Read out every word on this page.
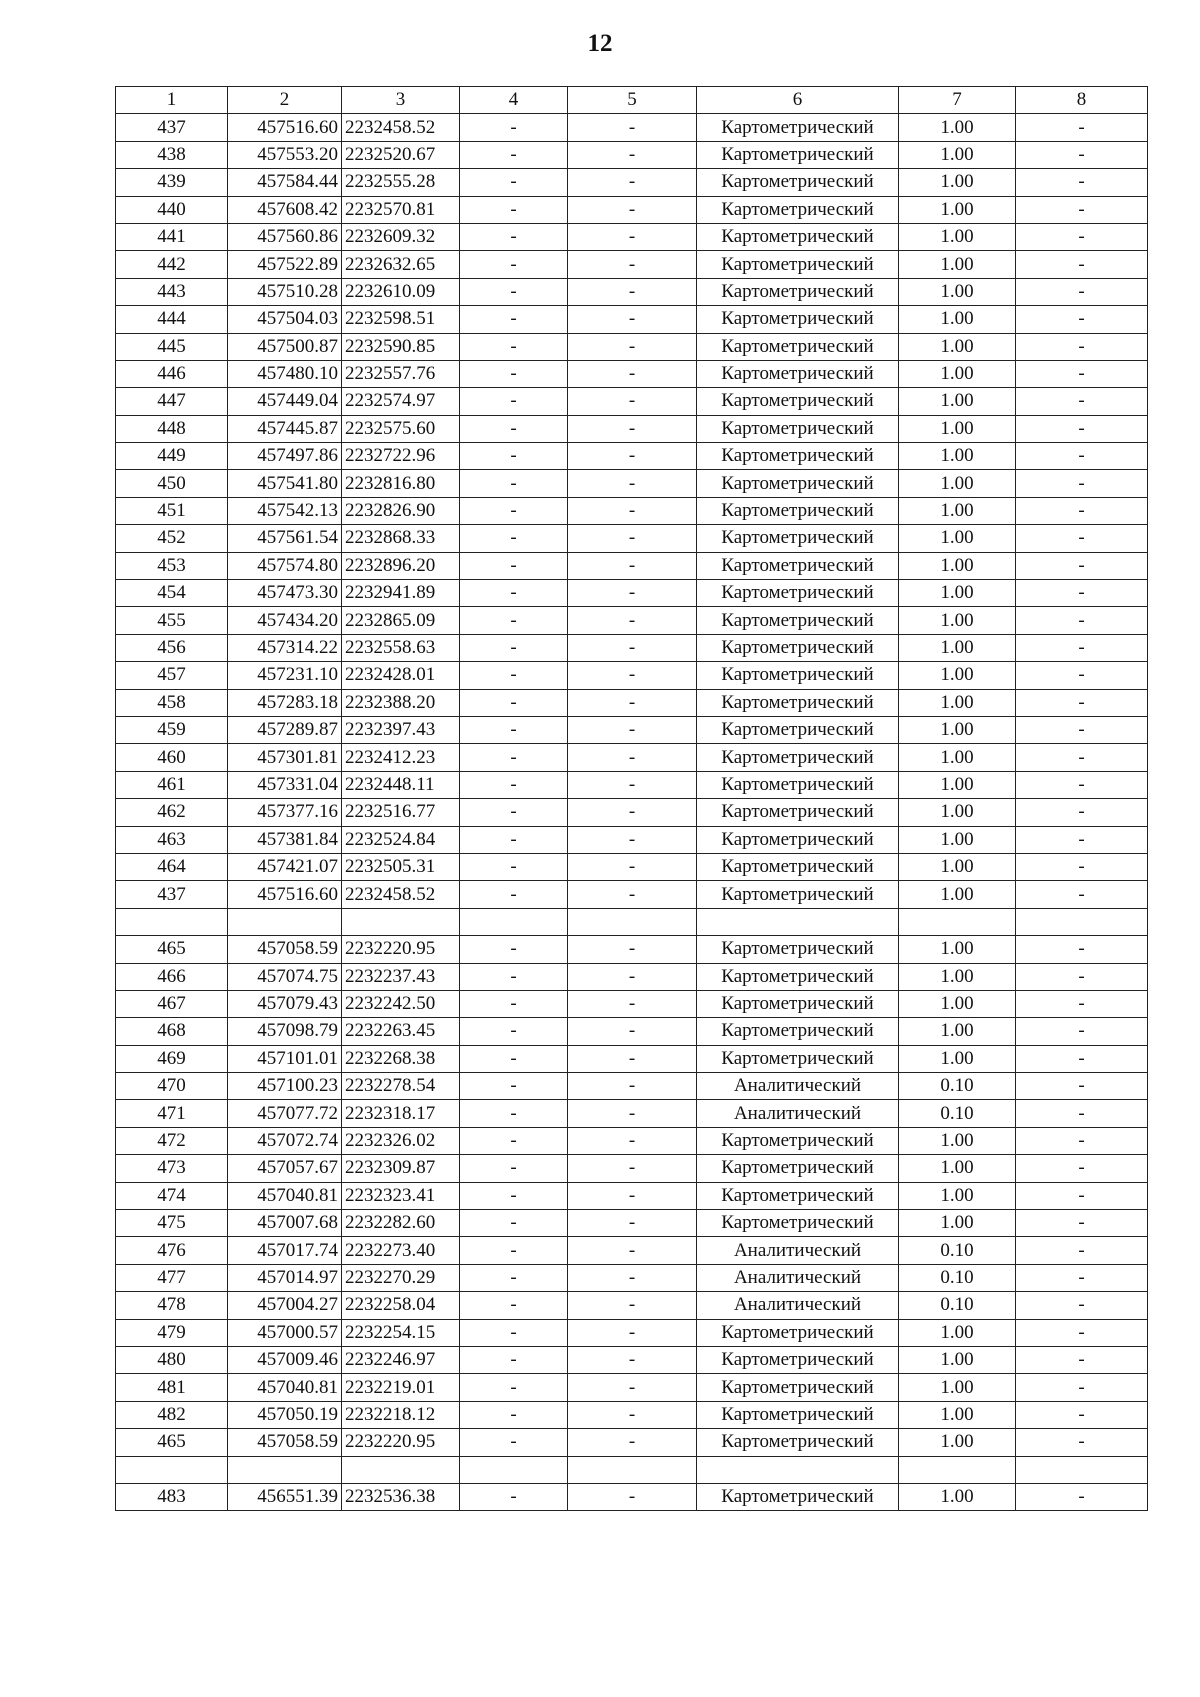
12
1	2	3	4	5	6	7	8
437	457516.60	2232458.52	-	-	Картометрический	1.00	-
438	457553.20	2232520.67	-	-	Картометрический	1.00	-
439	457584.44	2232555.28	-	-	Картометрический	1.00	-
440	457608.42	2232570.81	-	-	Картометрический	1.00	-
441	457560.86	2232609.32	-	-	Картометрический	1.00	-
442	457522.89	2232632.65	-	-	Картометрический	1.00	-
443	457510.28	2232610.09	-	-	Картометрический	1.00	-
444	457504.03	2232598.51	-	-	Картометрический	1.00	-
445	457500.87	2232590.85	-	-	Картометрический	1.00	-
446	457480.10	2232557.76	-	-	Картометрический	1.00	-
447	457449.04	2232574.97	-	-	Картометрический	1.00	-
448	457445.87	2232575.60	-	-	Картометрический	1.00	-
449	457497.86	2232722.96	-	-	Картометрический	1.00	-
450	457541.80	2232816.80	-	-	Картометрический	1.00	-
451	457542.13	2232826.90	-	-	Картометрический	1.00	-
452	457561.54	2232868.33	-	-	Картометрический	1.00	-
453	457574.80	2232896.20	-	-	Картометрический	1.00	-
454	457473.30	2232941.89	-	-	Картометрический	1.00	-
455	457434.20	2232865.09	-	-	Картометрический	1.00	-
456	457314.22	2232558.63	-	-	Картометрический	1.00	-
457	457231.10	2232428.01	-	-	Картометрический	1.00	-
458	457283.18	2232388.20	-	-	Картометрический	1.00	-
459	457289.87	2232397.43	-	-	Картометрический	1.00	-
460	457301.81	2232412.23	-	-	Картометрический	1.00	-
461	457331.04	2232448.11	-	-	Картометрический	1.00	-
462	457377.16	2232516.77	-	-	Картометрический	1.00	-
463	457381.84	2232524.84	-	-	Картометрический	1.00	-
464	457421.07	2232505.31	-	-	Картометрический	1.00	-
437	457516.60	2232458.52	-	-	Картометрический	1.00	-

465	457058.59	2232220.95	-	-	Картометрический	1.00	-
466	457074.75	2232237.43	-	-	Картометрический	1.00	-
467	457079.43	2232242.50	-	-	Картометрический	1.00	-
468	457098.79	2232263.45	-	-	Картометрический	1.00	-
469	457101.01	2232268.38	-	-	Картометрический	1.00	-
470	457100.23	2232278.54	-	-	Аналитический	0.10	-
471	457077.72	2232318.17	-	-	Аналитический	0.10	-
472	457072.74	2232326.02	-	-	Картометрический	1.00	-
473	457057.67	2232309.87	-	-	Картометрический	1.00	-
474	457040.81	2232323.41	-	-	Картометрический	1.00	-
475	457007.68	2232282.60	-	-	Картометрический	1.00	-
476	457017.74	2232273.40	-	-	Аналитический	0.10	-
477	457014.97	2232270.29	-	-	Аналитический	0.10	-
478	457004.27	2232258.04	-	-	Аналитический	0.10	-
479	457000.57	2232254.15	-	-	Картометрический	1.00	-
480	457009.46	2232246.97	-	-	Картометрический	1.00	-
481	457040.81	2232219.01	-	-	Картометрический	1.00	-
482	457050.19	2232218.12	-	-	Картометрический	1.00	-
465	457058.59	2232220.95	-	-	Картометрический	1.00	-

483	456551.39	2232536.38	-	-	Картометрический	1.00	-
